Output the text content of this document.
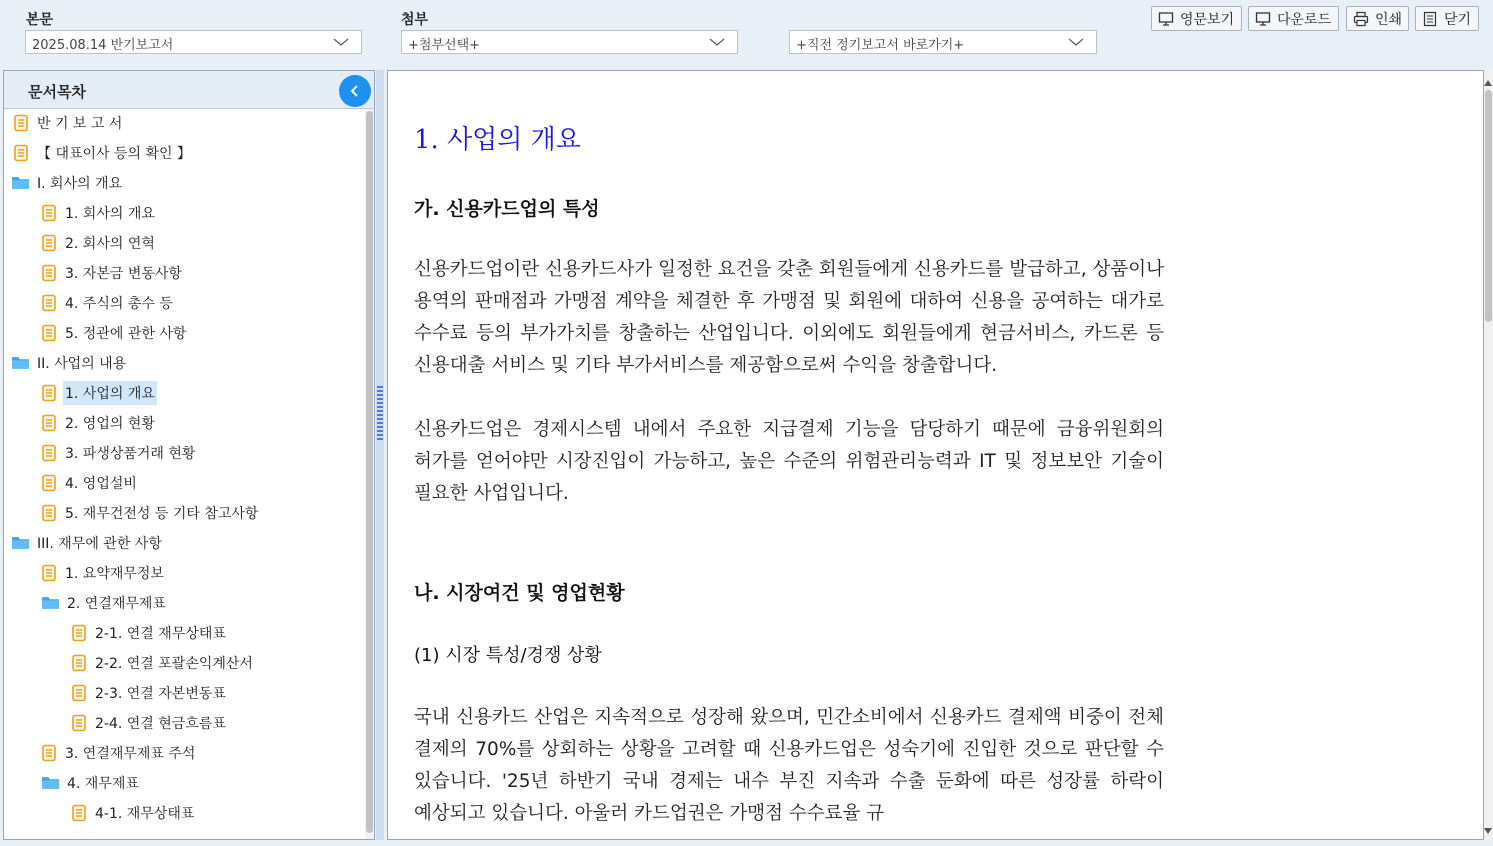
본문
2025.08.14 반기보고서
첨부
+첨부선택+	+직전 정기보고서 바로가기+
영문보기	다운로드	인쇄	닫기
문서목차
반 기 보 고 서
【 대표이사 등의 확인 】
I. 회사의 개요
1. 회사의 개요
2. 회사의 연혁
3. 자본금 변동사항
4. 주식의 총수 등
5. 정관에 관한 사항
II. 사업의 내용
1. 사업의 개요
2. 영업의 현황
3. 파생상품거래 현황
4. 영업설비
5. 재무건전성 등 기타 참고사항
III. 재무에 관한 사항
1. 요약재무정보
2. 연결재무제표
2-1. 연결 재무상태표
2-2. 연결 포괄손익계산서
2-3. 연결 자본변동표
2-4. 연결 현금흐름표
3. 연결재무제표 주석
4. 재무제표
4-1. 재무상태표
1. 사업의 개요
가. 신용카드업의 특성
신용카드업이란 신용카드사가 일정한 요건을 갖춘 회원들에게 신용카드를 발급하고, 상품이나 용역의 판매점과 가맹점 계약을 체결한 후 가맹점 및 회원에 대하여 신용을 공여하는 대가로 수수료 등의 부가가치를 창출하는 산업입니다. 이외에도 회원들에게 현금서비스, 카드론 등 신용대출 서비스 및 기타 부가서비스를 제공함으로써 수익을 창출합니다.
신용카드업은 경제시스템 내에서 주요한 지급결제 기능을 담당하기 때문에 금융위원회의 허가를 얻어야만 시장진입이 가능하고, 높은 수준의 위험관리능력과 IT 및 정보보안 기술이 필요한 사업입니다.
나. 시장여건 및 영업현황
(1) 시장 특성/경쟁 상황
국내 신용카드 산업은 지속적으로 성장해 왔으며, 민간소비에서 신용카드 결제액 비중이 전체 결제의 70%를 상회하는 상황을 고려할 때 신용카드업은 성숙기에 진입한 것으로 판단할 수 있습니다. '25년 하반기 국내 경제는 내수 부진 지속과 수출 둔화에 따른 성장률 하락이 예상되고 있습니다. 아울러 카드업권은 가맹점 수수료율 규
